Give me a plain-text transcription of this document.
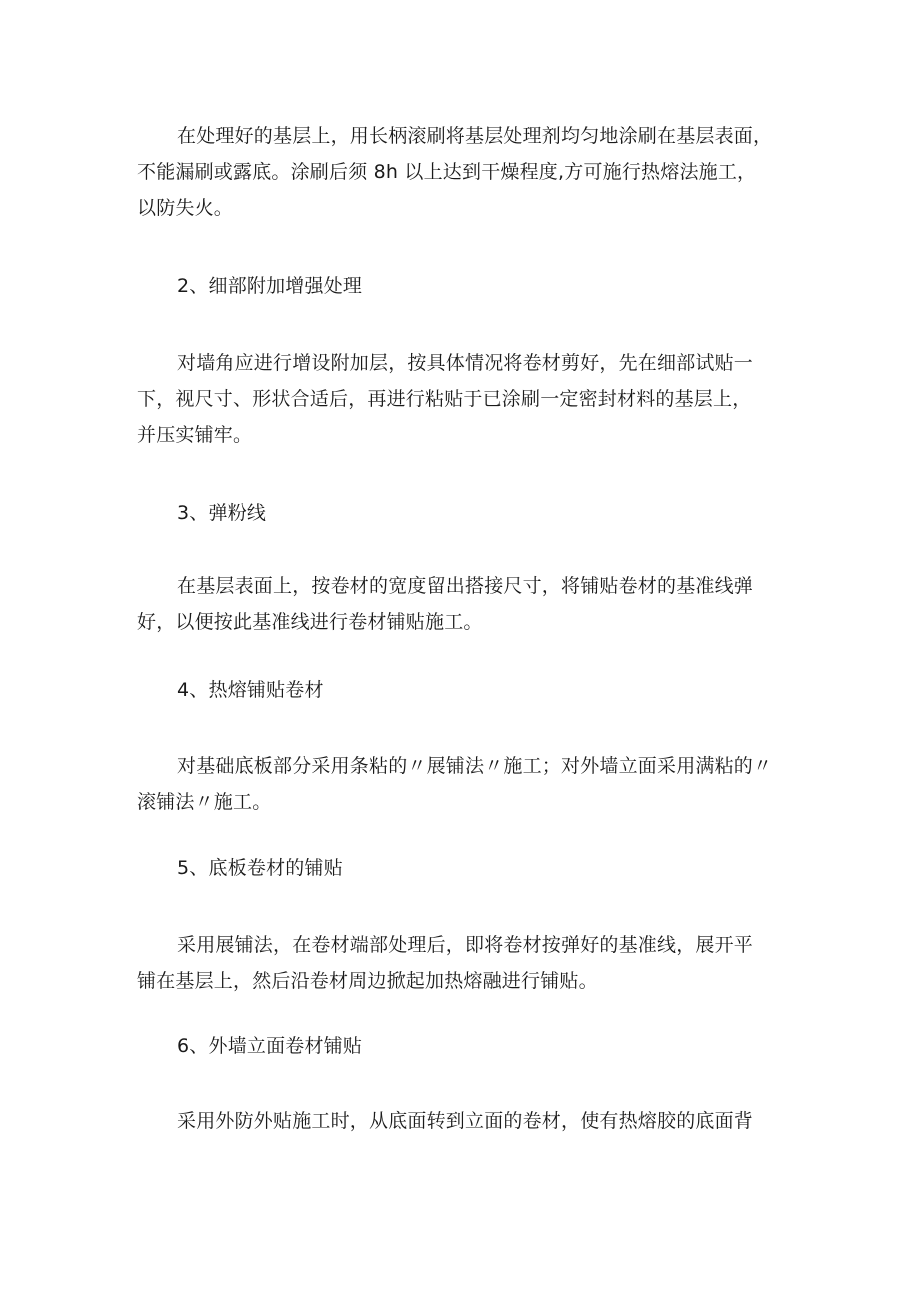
在处理好的基层上，用长柄滚刷将基层处理剂均匀地涂刷在基层表面，
不能漏刷或露底。涂刷后须 8h 以上达到干燥程度,方可施行热熔法施工，
以防失火。
2、细部附加增强处理
对墙角应进行增设附加层，按具体情况将卷材剪好，先在细部试贴一
下，视尺寸、形状合适后，再进行粘贴于已涂刷一定密封材料的基层上，
并压实铺牢。
3、弹粉线
在基层表面上，按卷材的宽度留出搭接尺寸，将铺贴卷材的基准线弹
好，以便按此基准线进行卷材铺贴施工。
4、热熔铺贴卷材
对基础底板部分采用条粘的〃展铺法〃施工；对外墙立面采用满粘的〃
滚铺法〃施工。
5、底板卷材的铺贴
采用展铺法，在卷材端部处理后，即将卷材按弹好的基准线，展开平
铺在基层上，然后沿卷材周边掀起加热熔融进行铺贴。
6、外墙立面卷材铺贴
采用外防外贴施工时，从底面转到立面的卷材，使有热熔胶的底面背
